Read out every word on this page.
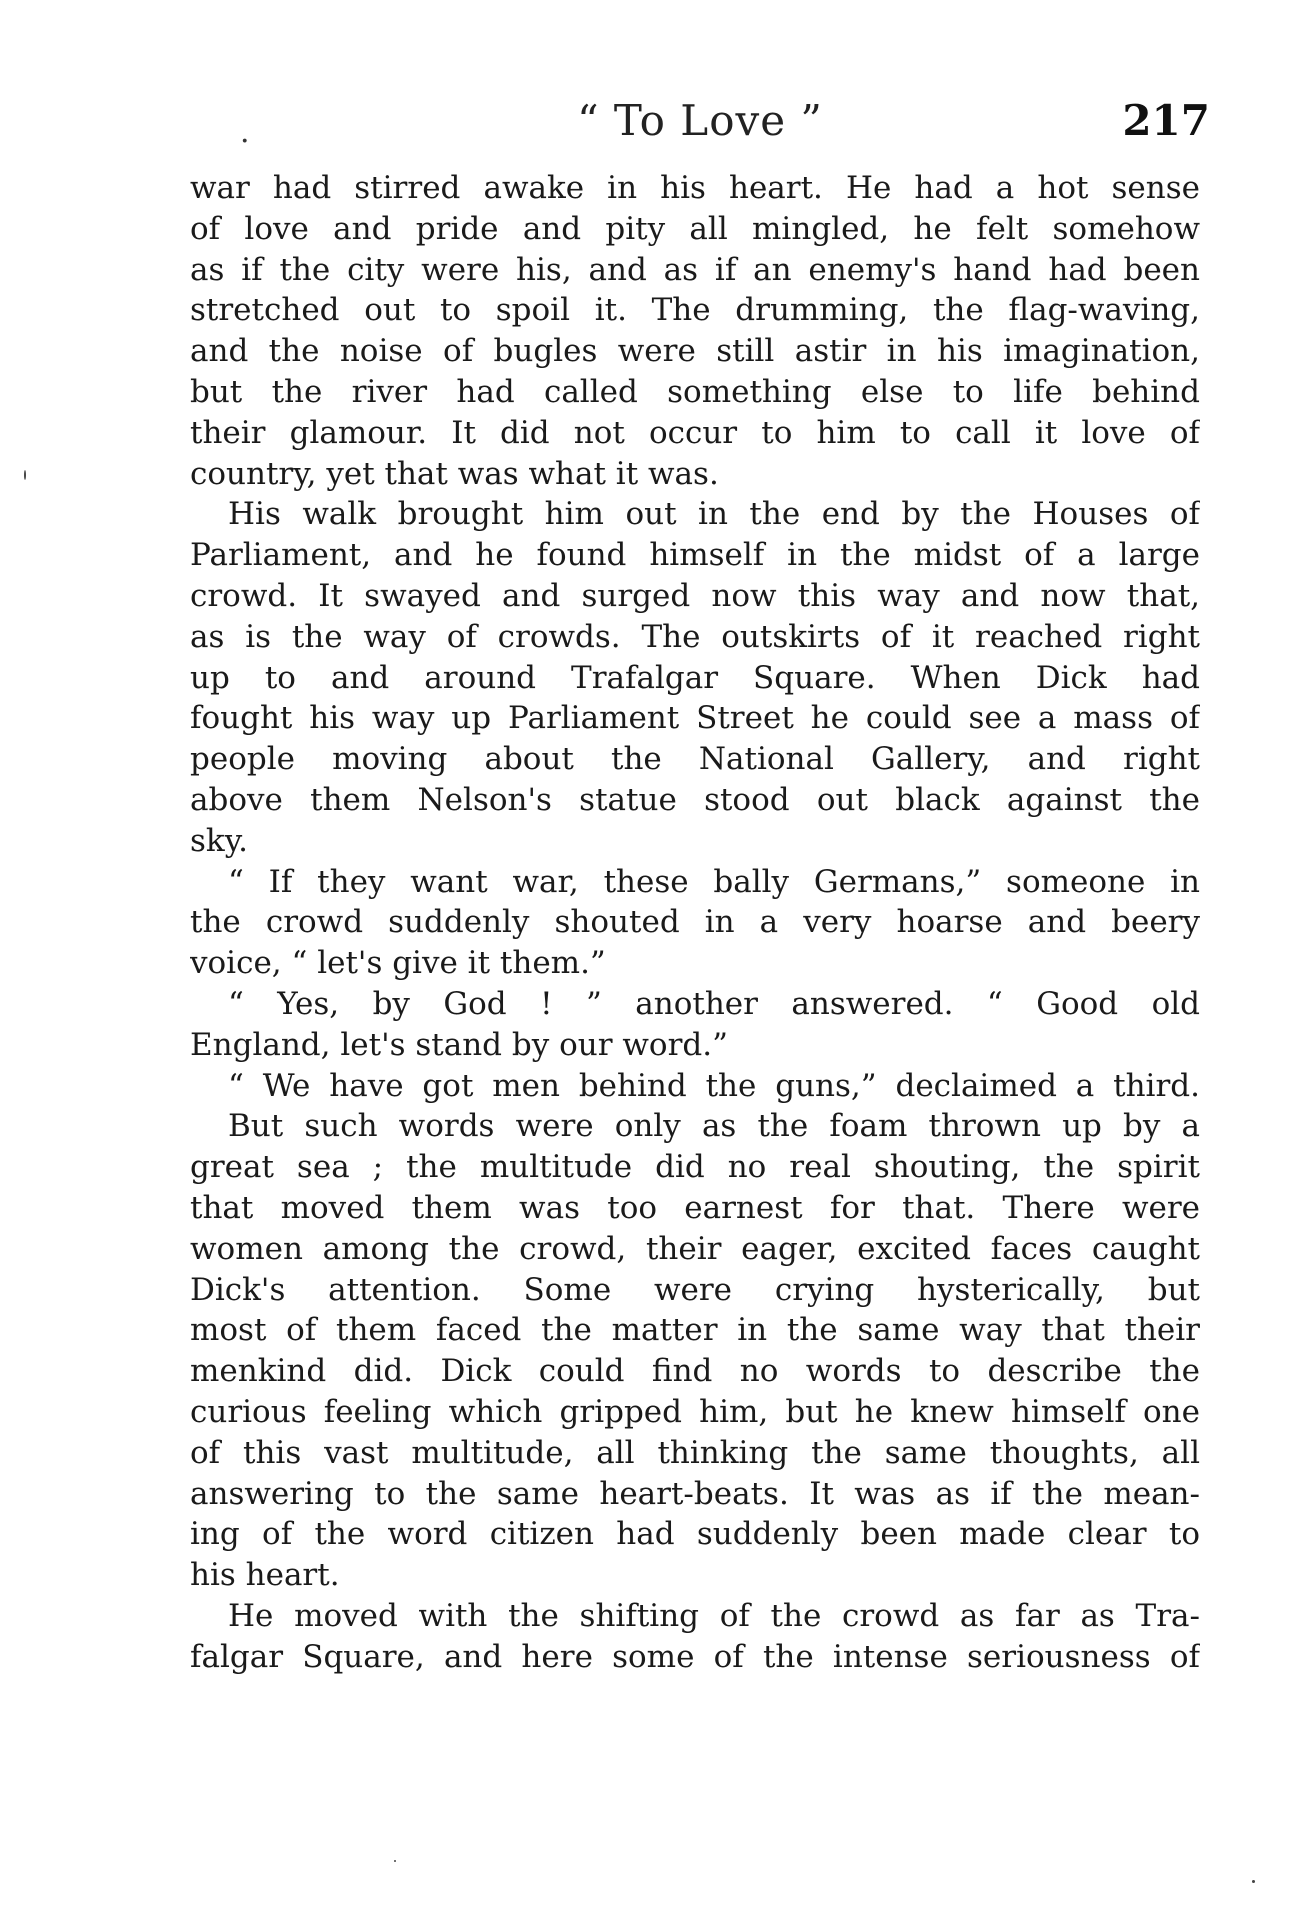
·	“ To Love ”	217
war had stirred awake in his heart. He had a hot sense
of love and pride and pity all mingled, he felt somehow
as if the city were his, and as if an enemy's hand had been
stretched out to spoil it. The drumming, the flag-waving,
and the noise of bugles were still astir in his imagination,
but the river had called something else to life behind
their glamour. It did not occur to him to call it love of
country, yet that was what it was.
His walk brought him out in the end by the Houses of
Parliament, and he found himself in the midst of a large
crowd. It swayed and surged now this way and now that,
as is the way of crowds. The outskirts of it reached right
up to and around Trafalgar Square. When Dick had
fought his way up Parliament Street he could see a mass of
people moving about the National Gallery, and right
above them Nelson's statue stood out black against the
sky.
“ If they want war, these bally Germans,” someone in
the crowd suddenly shouted in a very hoarse and beery
voice, “ let's give it them.”
“ Yes, by God ! ” another answered. “ Good old
England, let's stand by our word.”
“ We have got men behind the guns,” declaimed a third.
But such words were only as the foam thrown up by a
great sea ; the multitude did no real shouting, the spirit
that moved them was too earnest for that. There were
women among the crowd, their eager, excited faces caught
Dick's attention. Some were crying hysterically, but
most of them faced the matter in the same way that their
menkind did. Dick could find no words to describe the
curious feeling which gripped him, but he knew himself one
of this vast multitude, all thinking the same thoughts, all
answering to the same heart-beats. It was as if the mean-
ing of the word citizen had suddenly been made clear to
his heart.
He moved with the shifting of the crowd as far as Tra-
falgar Square, and here some of the intense seriousness of
